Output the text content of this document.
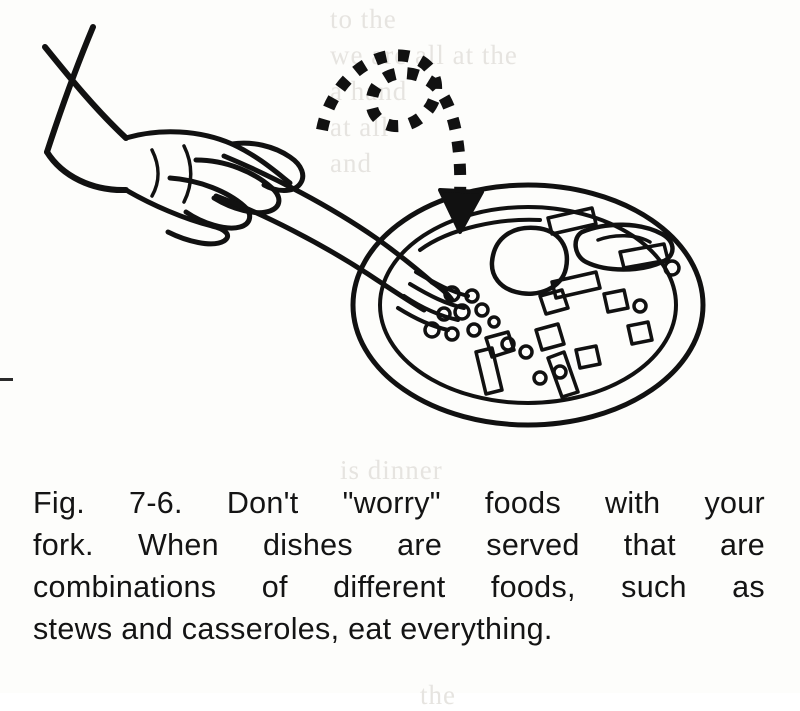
to the
we are all at the
a hand
at all
and
is dinner
the
Fig. 7-6. Don't "worry" foods with your
fork. When dishes are served that are
combinations of different foods, such as
stews and casseroles, eat everything.
